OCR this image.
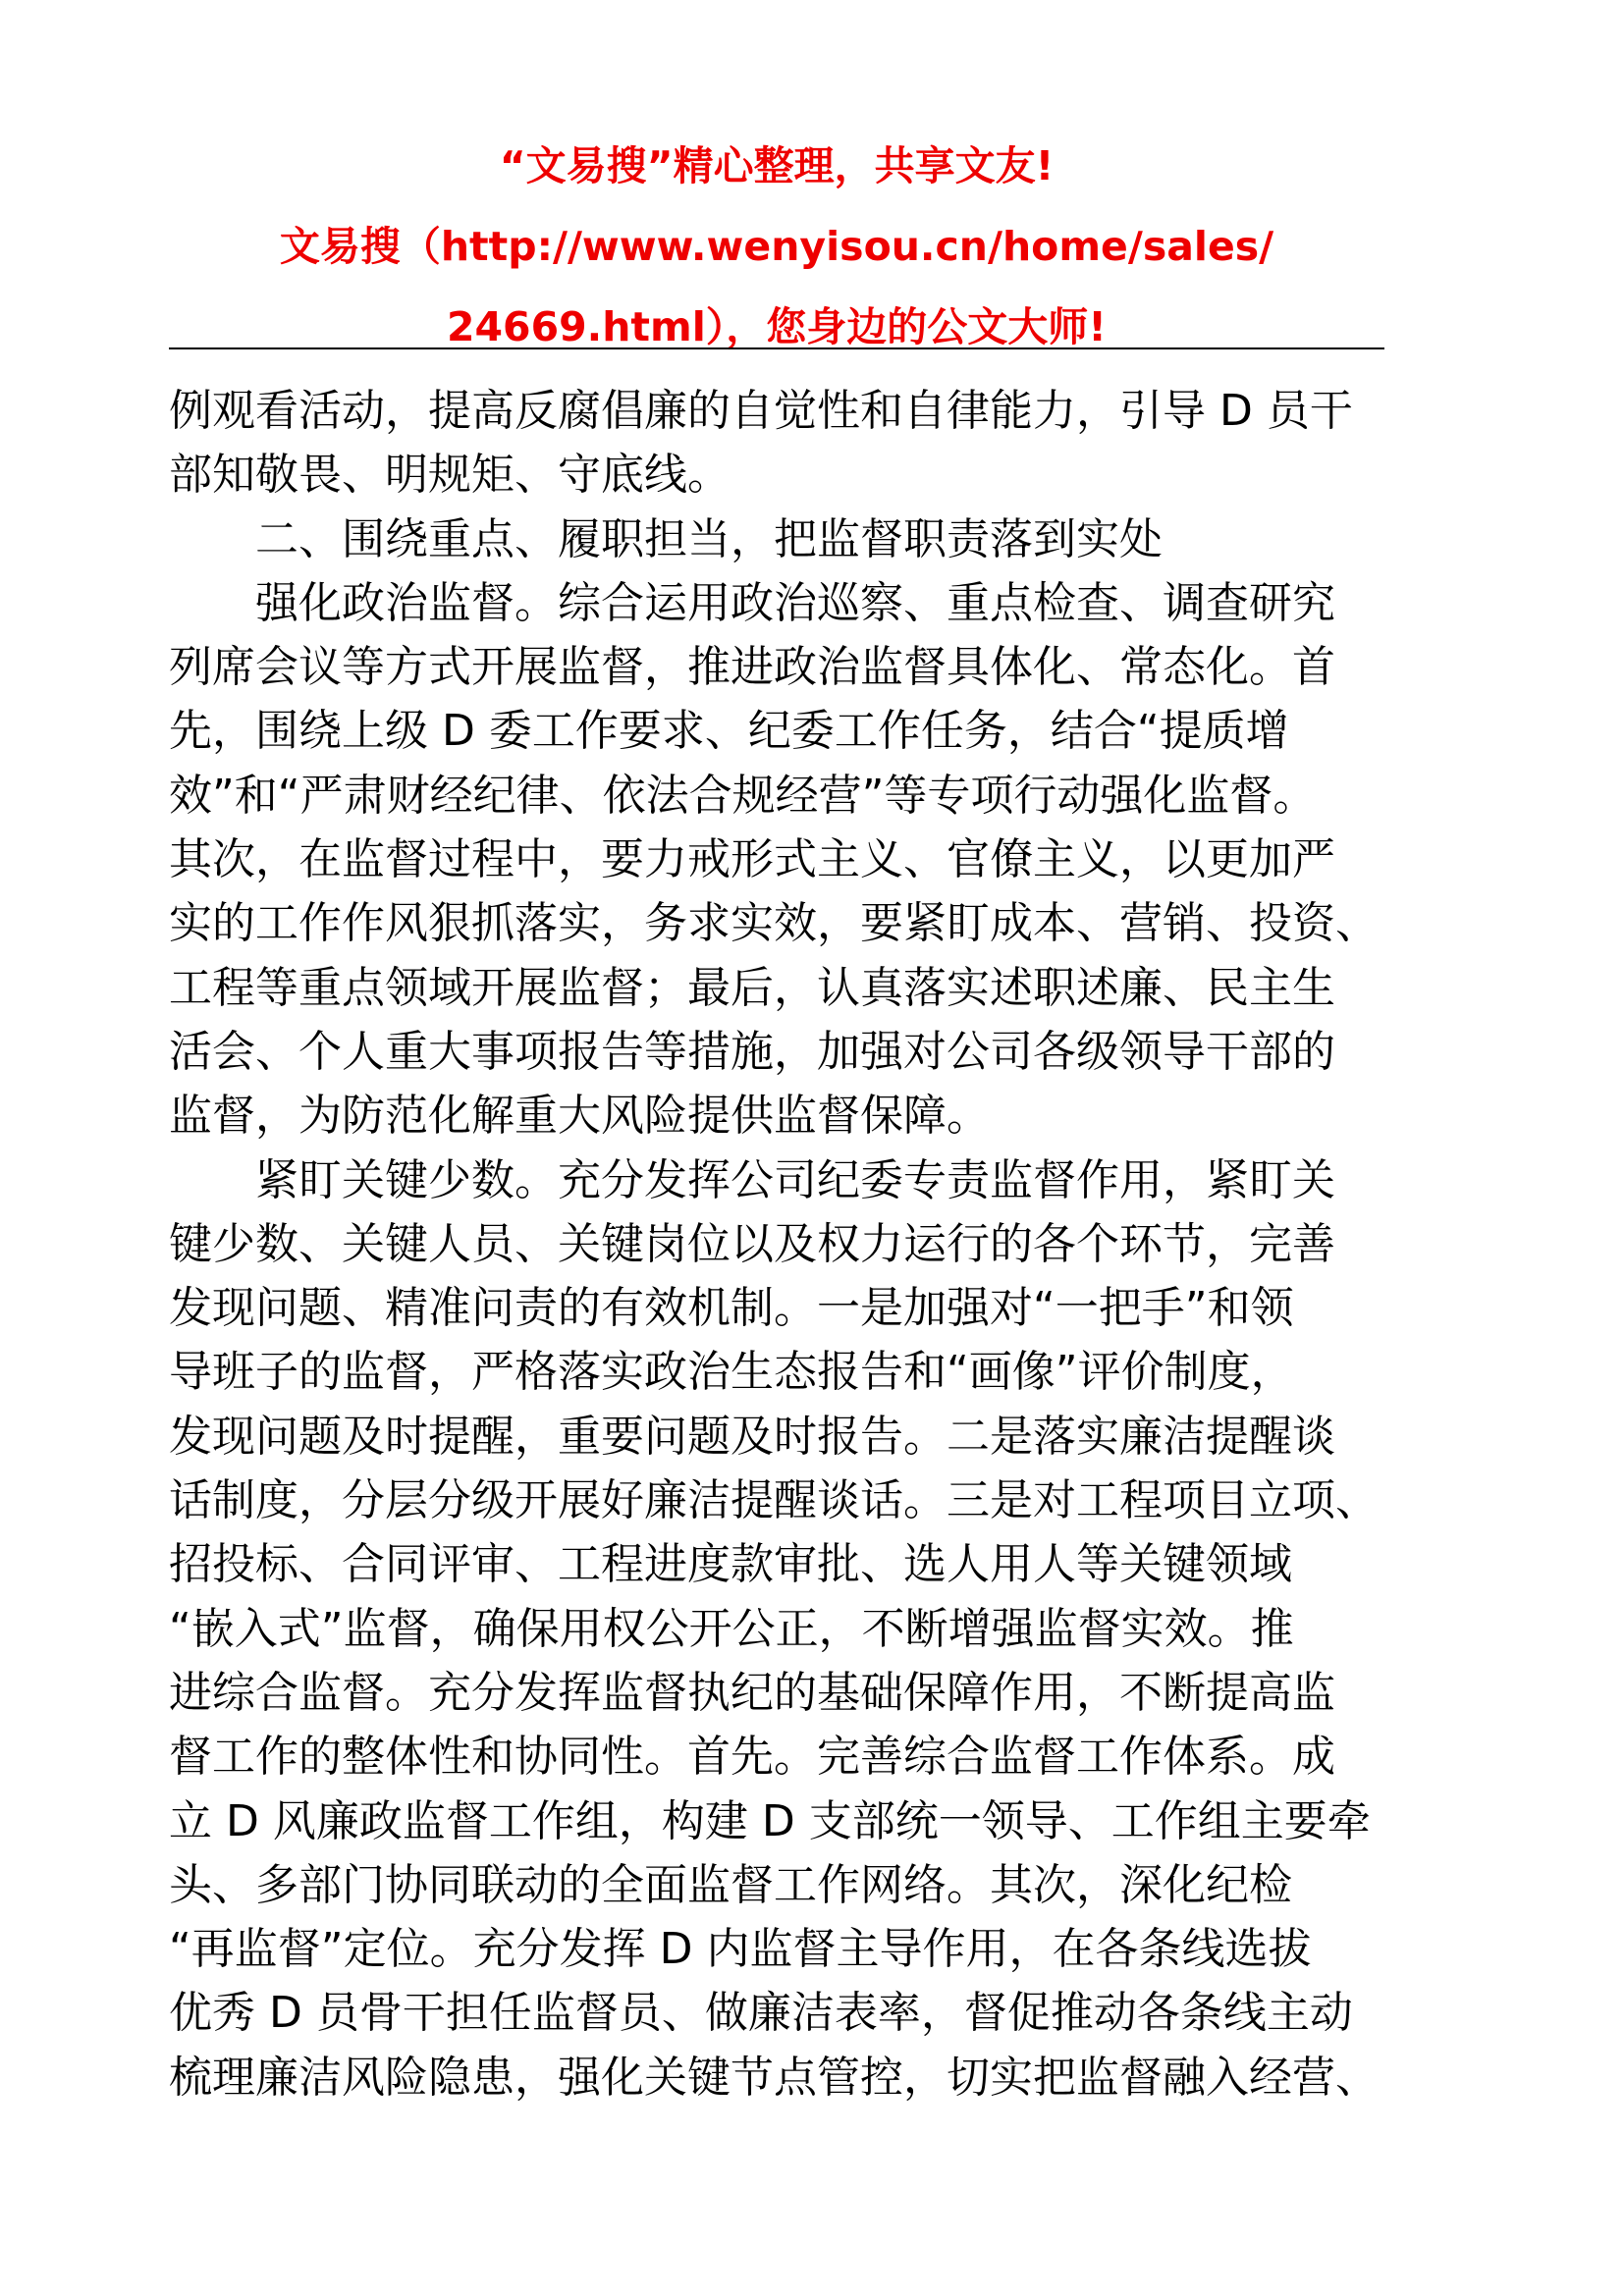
“文易搜”精心整理，共享文友!
文易搜（http://www.wenyisou.cn/home/sales/
24669.html），您身边的公文大师!
例观看活动，提高反腐倡廉的自觉性和自律能力，引导 D 员干
部知敬畏、明规矩、守底线。
二、围绕重点、履职担当，把监督职责落到实处
强化政治监督。综合运用政治巡察、重点检查、调查研究
列席会议等方式开展监督，推进政治监督具体化、常态化。首
先，围绕上级 D 委工作要求、纪委工作任务，结合“提质增
效”和“严肃财经纪律、依法合规经营”等专项行动强化监督。
其次，在监督过程中，要力戒形式主义、官僚主义，以更加严
实的工作作风狠抓落实，务求实效，要紧盯成本、营销、投资、
工程等重点领域开展监督；最后，认真落实述职述廉、民主生
活会、个人重大事项报告等措施，加强对公司各级领导干部的
监督，为防范化解重大风险提供监督保障。
紧盯关键少数。充分发挥公司纪委专责监督作用，紧盯关
键少数、关键人员、关键岗位以及权力运行的各个环节，完善
发现问题、精准问责的有效机制。一是加强对“一把手”和领
导班子的监督，严格落实政治生态报告和“画像”评价制度，
发现问题及时提醒，重要问题及时报告。二是落实廉洁提醒谈
话制度，分层分级开展好廉洁提醒谈话。三是对工程项目立项、
招投标、合同评审、工程进度款审批、选人用人等关键领域
“嵌入式”监督，确保用权公开公正，不断增强监督实效。推
进综合监督。充分发挥监督执纪的基础保障作用，不断提高监
督工作的整体性和协同性。首先。完善综合监督工作体系。成
立 D 风廉政监督工作组，构建 D 支部统一领导、工作组主要牵
头、多部门协同联动的全面监督工作网络。其次，深化纪检
“再监督”定位。充分发挥 D 内监督主导作用，在各条线选拔
优秀 D 员骨干担任监督员、做廉洁表率，督促推动各条线主动
梳理廉洁风险隐患，强化关键节点管控，切实把监督融入经营、
